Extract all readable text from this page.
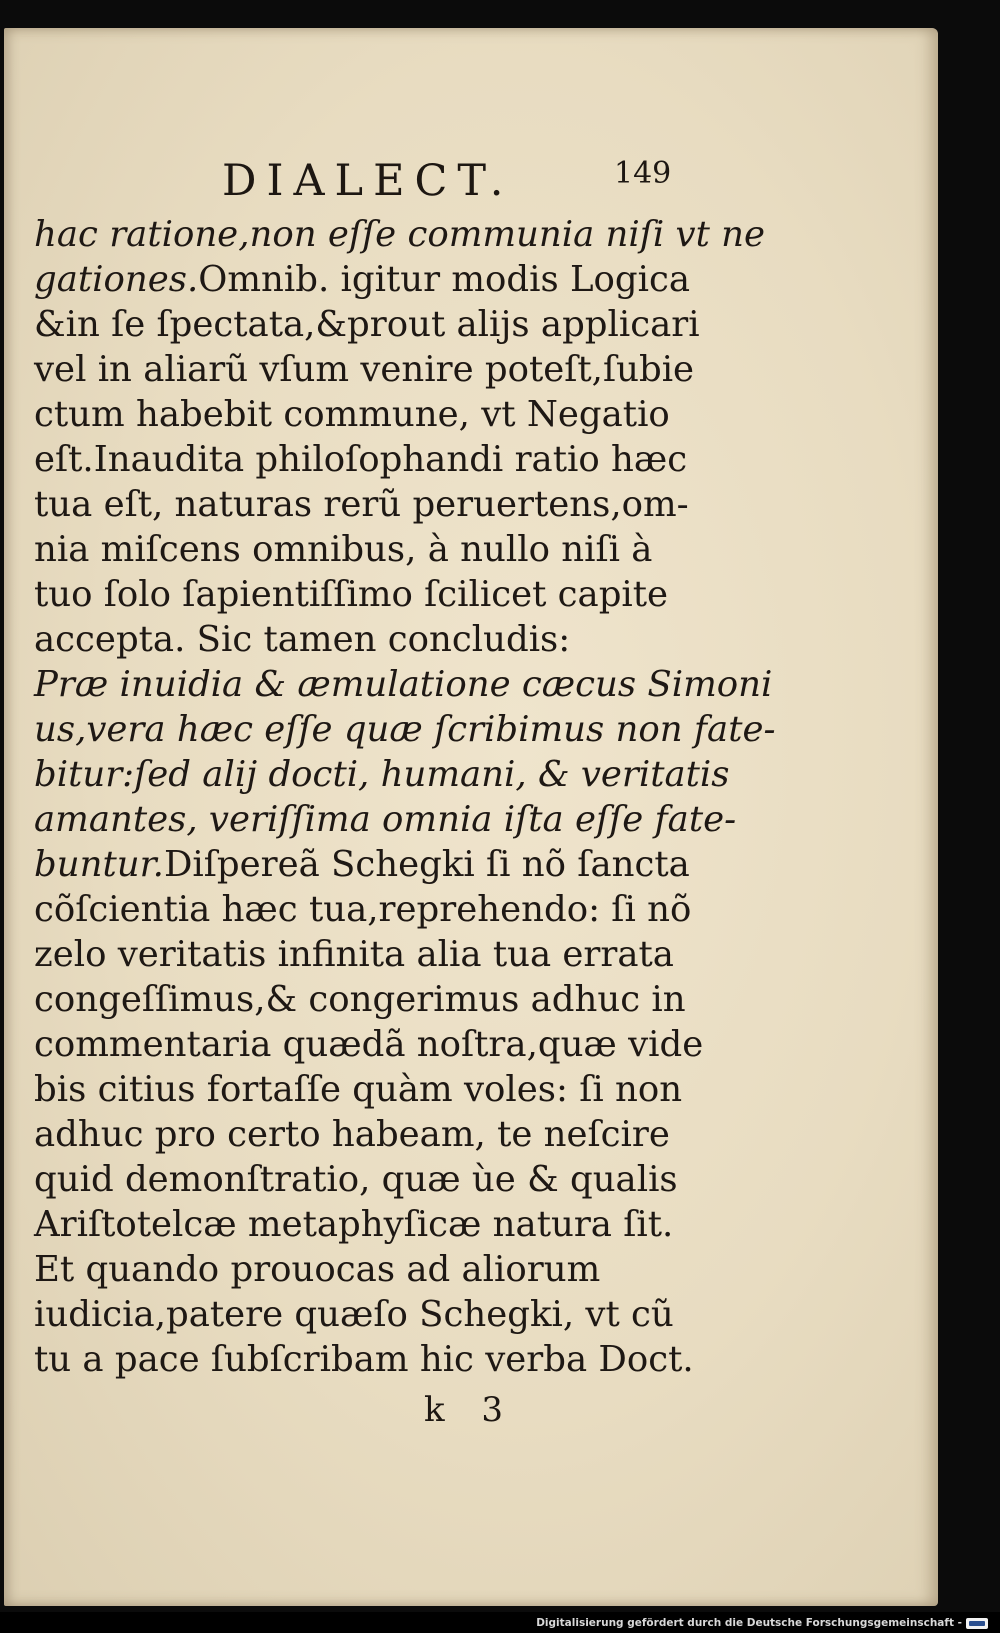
DIALECT.	149
hac ratione,non eſſe communia niſi vt ne
gationes.Omnib. igitur modis Logica
&in ſe ſpectata,&prout alijs applicari
vel in aliarũ vſum venire poteſt,ſubie
ctum habebit commune, vt Negatio
eſt.Inaudita philoſophandi ratio hæc
tua eſt, naturas rerũ peruertens,om-
nia miſcens omnibus, à nullo niſi à
tuo ſolo ſapientiſſimo ſcilicet capite
accepta. Sic tamen concludis:
Præ inuidia & æmulatione cæcus Simoni
us,vera hæc eſſe quæ ſcribimus non fate-
bitur:ſed alij docti, humani, & veritatis
amantes, veriſſima omnia iſta eſſe fate-
buntur.Diſpereã Schegki ſi nõ ſancta
cõſcientia hæc tua,reprehendo: ſi nõ
zelo veritatis infinita alia tua errata
congeſſimus,& congerimus adhuc in
commentaria quædã noſtra,quæ vide
bis citius fortaſſe quàm voles: ſi non
adhuc pro certo habeam, te neſcire
quid demonſtratio, quæ ùe & qualis
Ariſtotelcæ metaphyſicæ natura ſit.
Et quando prouocas ad aliorum
iudicia,patere quæſo Schegki, vt cũ
tu a pace ſubſcribam hic verba Doct.
k 3
Digitalisierung gefördert durch die Deutsche Forschungsgemeinschaft -
